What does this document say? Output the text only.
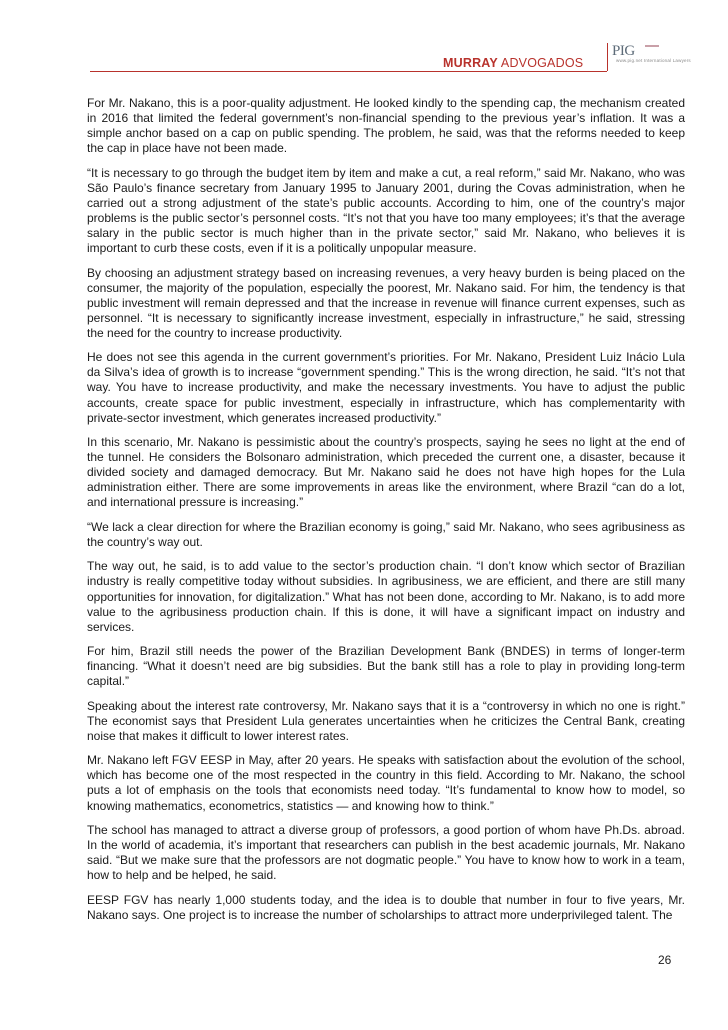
MURRAY ADVOGADOS
PIG
www.pig.net International Lawyers

For Mr. Nakano, this is a poor-quality adjustment. He looked kindly to the spending cap, the mechanism created in 2016 that limited the federal government’s non-financial spending to the previous year’s inflation. It was a simple anchor based on a cap on public spending. The problem, he said, was that the reforms needed to keep the cap in place have not been made.

“It is necessary to go through the budget item by item and make a cut, a real reform,” said Mr. Nakano, who was São Paulo’s finance secretary from January 1995 to January 2001, during the Covas administration, when he carried out a strong adjustment of the state’s public accounts. According to him, one of the country’s major problems is the public sector’s personnel costs. “It’s not that you have too many employees; it’s that the average salary in the public sector is much higher than in the private sector,” said Mr. Nakano, who believes it is important to curb these costs, even if it is a politically unpopular measure.

By choosing an adjustment strategy based on increasing revenues, a very heavy burden is being placed on the consumer, the majority of the population, especially the poorest, Mr. Nakano said. For him, the tendency is that public investment will remain depressed and that the increase in revenue will finance current expenses, such as personnel. “It is necessary to significantly increase investment, especially in infrastructure,” he said, stressing the need for the country to increase productivity.

He does not see this agenda in the current government’s priorities. For Mr. Nakano, President Luiz Inácio Lula da Silva’s idea of growth is to increase “government spending.” This is the wrong direction, he said. “It’s not that way. You have to increase productivity, and make the necessary investments. You have to adjust the public accounts, create space for public investment, especially in infrastructure, which has complementarity with private-sector investment, which generates increased productivity.”

In this scenario, Mr. Nakano is pessimistic about the country’s prospects, saying he sees no light at the end of the tunnel. He considers the Bolsonaro administration, which preceded the current one, a disaster, because it divided society and damaged democracy. But Mr. Nakano said he does not have high hopes for the Lula administration either. There are some improvements in areas like the environment, where Brazil “can do a lot, and international pressure is increasing.”

“We lack a clear direction for where the Brazilian economy is going,” said Mr. Nakano, who sees agribusiness as the country’s way out.

The way out, he said, is to add value to the sector’s production chain. “I don’t know which sector of Brazilian industry is really competitive today without subsidies. In agribusiness, we are efficient, and there are still many opportunities for innovation, for digitalization.” What has not been done, according to Mr. Nakano, is to add more value to the agribusiness production chain. If this is done, it will have a significant impact on industry and services.

For him, Brazil still needs the power of the Brazilian Development Bank (BNDES) in terms of longer-term financing. “What it doesn’t need are big subsidies. But the bank still has a role to play in providing long-term capital.”

Speaking about the interest rate controversy, Mr. Nakano says that it is a “controversy in which no one is right.” The economist says that President Lula generates uncertainties when he criticizes the Central Bank, creating noise that makes it difficult to lower interest rates.

Mr. Nakano left FGV EESP in May, after 20 years. He speaks with satisfaction about the evolution of the school, which has become one of the most respected in the country in this field. According to Mr. Nakano, the school puts a lot of emphasis on the tools that economists need today. “It’s fundamental to know how to model, so knowing mathematics, econometrics, statistics — and knowing how to think.”

The school has managed to attract a diverse group of professors, a good portion of whom have Ph.Ds. abroad. In the world of academia, it’s important that researchers can publish in the best academic journals, Mr. Nakano said. “But we make sure that the professors are not dogmatic people.” You have to know how to work in a team, how to help and be helped, he said.

EESP FGV has nearly 1,000 students today, and the idea is to double that number in four to five years, Mr. Nakano says. One project is to increase the number of scholarships to attract more underprivileged talent. The

26
